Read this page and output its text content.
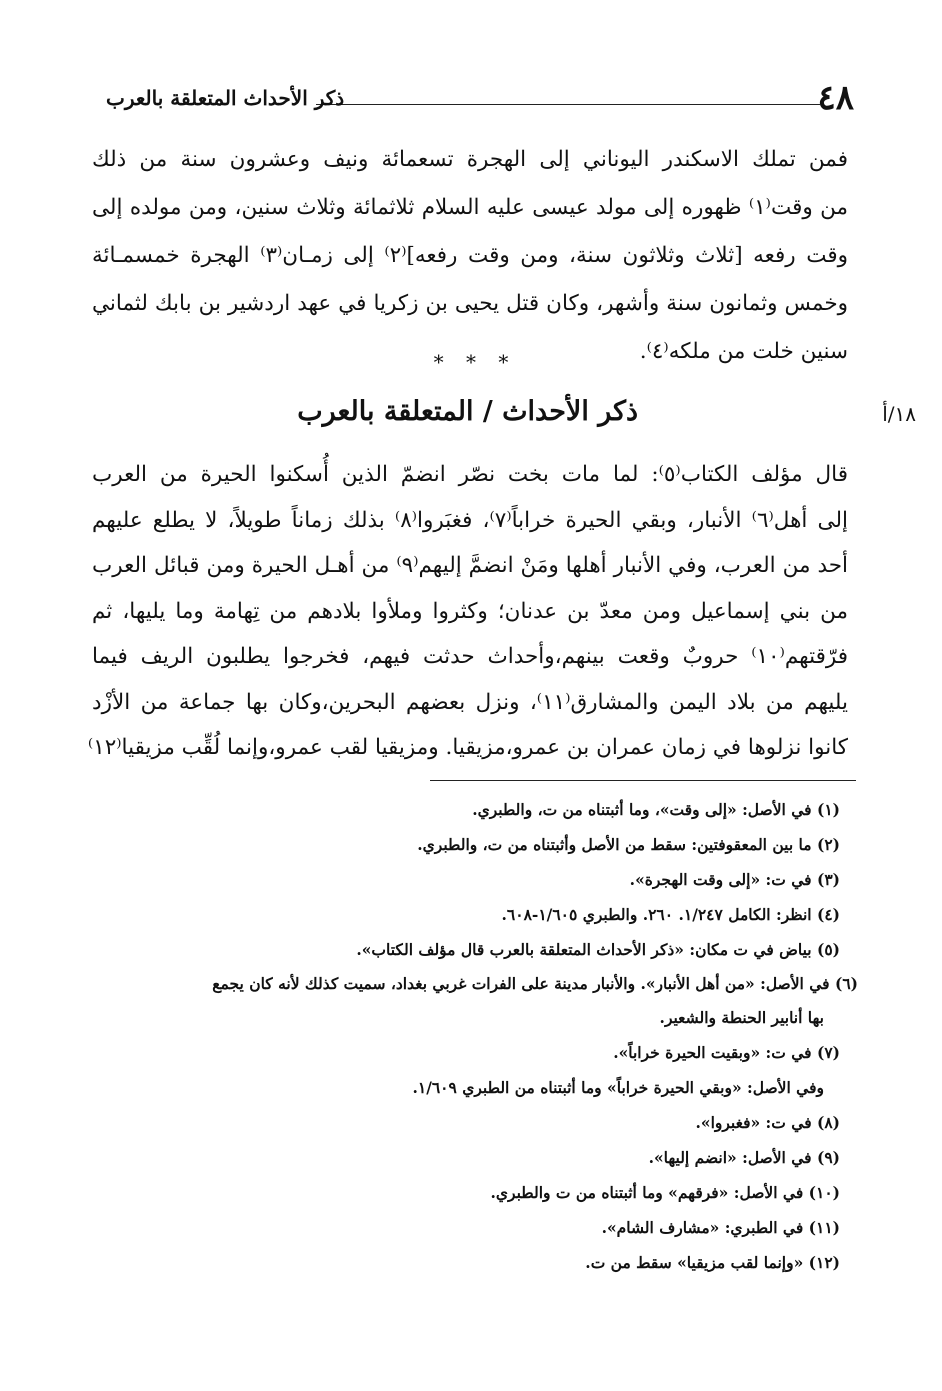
٤٨
ذكر الأحداث المتعلقة بالعرب
فمن تملك الاسكندر اليوناني إلى الهجرة تسعمائة ونيف وعشرون سنة من ذلك
من وقت⁽١⁾ ظهوره إلى مولد عيسى عليه السلام ثلاثمائة وثلاث سنين، ومن مولده إلى
وقت رفعه [ثلاث وثلاثون سنة، ومن وقت رفعه]⁽٢⁾ إلى زمـان⁽٣⁾ الهجرة خمسمـائة
وخمس وثمانون سنة وأشهر، وكان قتل يحيى بن زكريا في عهد اردشير بن بابك لثماني
سنين خلت من ملكه⁽٤⁾.
* * *
١٨/أ
ذكر الأحداث / المتعلقة بالعرب
قال مؤلف الكتاب⁽٥⁾: لما مات بخت نصّر انضمّ الذين أُسكنوا الحيرة من العرب
إلى أهل⁽٦⁾ الأنبار، وبقي الحيرة خراباً⁽٧⁾، فغبَروا⁽٨⁾ بذلك زماناً طويلاً، لا يطلع عليهم
أحد من العرب، وفي الأنبار أهلها ومَنْ انضمَّ إليهم⁽٩⁾ من أهـل الحيرة ومن قبائل العرب
من بني إسماعيل ومن معدّ بن عدنان؛ وكثروا وملأوا بلادهم من تِهامة وما يليها، ثم
فرّقتهم⁽١٠⁾ حروبٌ وقعت بينهم،وأحداث حدثت فيهم، فخرجوا يطلبون الريف فيما
يليهم من بلاد اليمن والمشارق⁽١١⁾، ونزل بعضهم البحرين،وكان بها جماعة من الأزْد
كانوا نزلوها في زمان عمران بن عمرو،مزيقيا. ومزيقيا لقب عمرو،وإنما لُقِّب مزيقيا⁽١٢⁾
(١) في الأصل: «إلى وقت»، وما أثبتناه من ت، والطبري.
(٢) ما بين المعقوفتين: سقط من الأصل وأثبتناه من ت، والطبري.
(٣) في ت: «إلى وقت الهجرة».
(٤) انظر: الكامل ١/٢٤٧. ٢٦٠. والطبري ١/٦٠٥-٦٠٨.
(٥) بياض في ت مكان: «ذكر الأحداث المتعلقة بالعرب قال مؤلف الكتاب».
(٦) في الأصل: «من أهل الأنبار». والأنبار مدينة على الفرات غربي بغداد، سميت كذلك لأنه كان يجمع
بها أنابير الحنطة والشعير.
(٧) في ت: «وبقيت الحيرة خراباً».
وفي الأصل: «وبقي الحيرة خراباً» وما أثبتناه من الطبري ١/٦٠٩.
(٨) في ت: «فغبروا».
(٩) في الأصل: «انضم إليها».
(١٠) في الأصل: «فرقهم» وما أثبتناه من ت والطبري.
(١١) في الطبري: «مشارف الشام».
(١٢) «وإنما لقب مزيقيا» سقط من ت.
